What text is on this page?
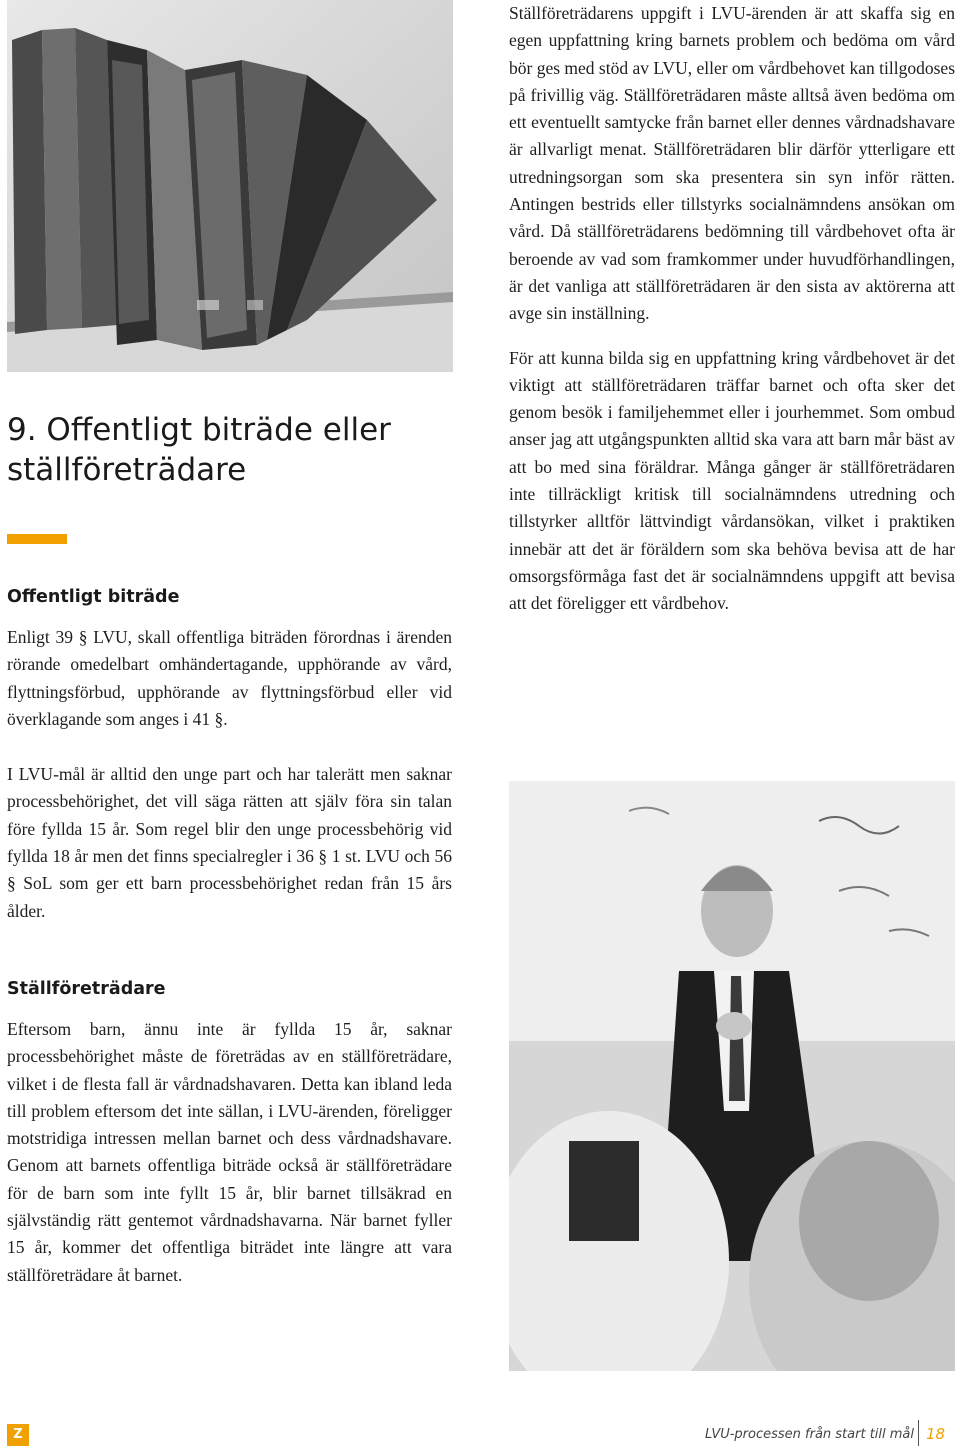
Ställföreträdarens uppgift i LVU-ärenden är att skaffa sig en egen uppfattning kring barnets problem och bedöma om vård bör ges med stöd av LVU, eller om vårdbehovet kan tillgodoses på frivillig väg. Ställföreträdaren måste alltså även bedöma om ett eventuellt samtycke från barnet eller dennes vårdnadshavare är allvarligt menat. Ställföreträdaren blir därför ytterligare ett utredningsorgan som ska presentera sin syn inför rätten. Antingen bestrids eller tillstyrks socialnämndens ansökan om vård. Då ställföreträdarens bedömning till vårdbehovet ofta är beroende av vad som framkommer under huvudförhandlingen, är det vanliga att ställföreträdaren är den sista av aktörerna att avge sin inställning.

För att kunna bilda sig en uppfattning kring vårdbehovet är det viktigt att ställföreträdaren träffar barnet och ofta sker det genom besök i familjehemmet eller i jourhemmet. Som ombud anser jag att utgångspunkten alltid ska vara att barn mår bäst av att bo med sina föräldrar. Många gånger är ställföreträdaren inte tillräckligt kritisk till socialnämndens utredning och tillstyrker alltför lättvindigt vårdansökan, vilket i praktiken innebär att det är föräldern som ska behöva bevisa att de har omsorgsförmåga fast det är socialnämndens uppgift att bevisa att det föreligger ett vårdbehov.

9. Offentligt biträde eller ställföreträdare
Offentligt biträde

Enligt 39 § LVU, skall offentliga biträden förordnas i ärenden rörande omedelbart omhändertagande, upphörande av vård, flyttningsförbud, upphörande av flyttningsförbud eller vid överklagande som anges i 41 §.

I LVU-mål är alltid den unge part och har talerätt men saknar processbehörighet, det vill säga rätten att själv föra sin talan före fyllda 15 år. Som regel blir den unge processbehörig vid fyllda 18 år men det finns specialregler i 36 § 1 st. LVU och 56 § SoL som ger ett barn processbehörighet redan från 15 års ålder.

Ställföreträdare

Eftersom barn, ännu inte är fyllda 15 år, saknar processbehörighet måste de företrädas av en ställföreträdare, vilket i de flesta fall är vårdnadshavaren. Detta kan ibland leda till problem eftersom det inte sällan, i LVU-ärenden, föreligger motstridiga intressen mellan barnet och dess vårdnadshavare. Genom att barnets offentliga biträde också är ställföreträdare för de barn som inte fyllt 15 år, blir barnet tillsäkrad en självständig rätt gentemot vårdnadshavarna. När barnet fyller 15 år, kommer det offentliga biträdet inte längre att vara ställföreträdare åt barnet.

Z	LVU-processen från start till mål 18
